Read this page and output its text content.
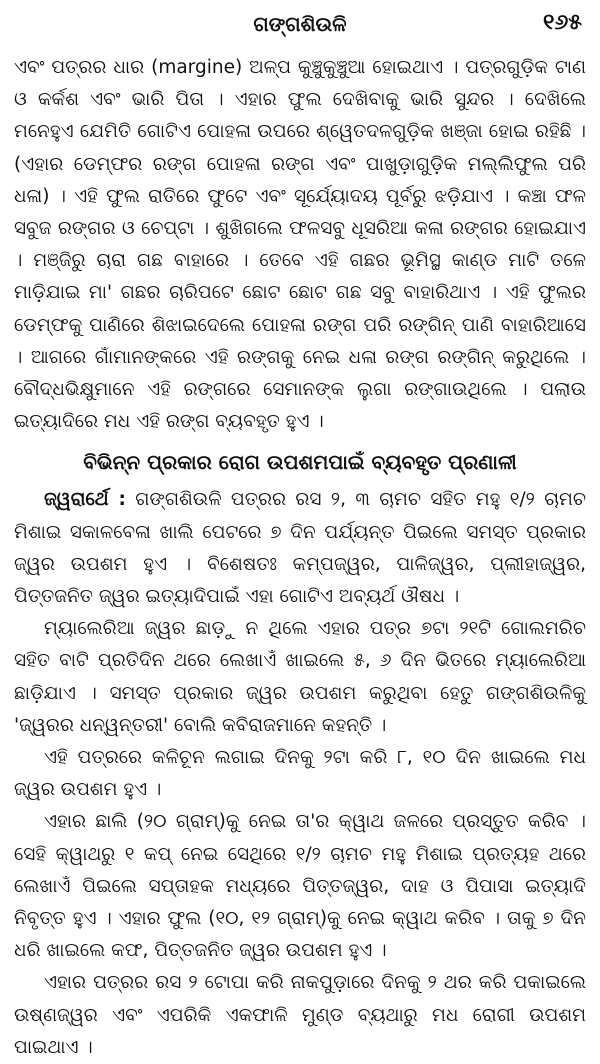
ଗଙ୍ଗଶିଉଳି	୧୬୫

ଏବଂ ପତ୍ରର ଧାର (margine) ଅଳ୍ପ କୁଞ୍ଚୁକୁଞ୍ଚୁଆ ହୋଇଥାଏ । ପତ୍ରଗୁଡ଼ିକ ଟାଣ ଓ କର୍କଶ ଏବଂ ଭାରି ପିତା । ଏହାର ଫୁଲ ଦେଖିବାକୁ ଭାରି ସୁନ୍ଦର । ଦେଖିଲେ ମନେହୁଏ ଯେମିତି ଗୋଟିଏ ପୋହଳା ଉପରେ ଶ୍ୱେତଦଳଗୁଡ଼ିକ ଖଞ୍ଜା ହୋଇ ରହିଛି । (ଏହାର ଡେମ୍ଫର ରଙ୍ଗ ପୋହଳା ରଙ୍ଗ ଏବଂ ପାଖୁଡ଼ାଗୁଡ଼ିକ ମଲ୍ଲିଫୁଲ ପରି ଧଳା) । ଏହି ଫୁଲ ରାତିରେ ଫୁଟେ ଏବଂ ସୂର୍ଯ୍ୟୋଦୟ ପୂର୍ବରୁ ଝଡ଼ିଯାଏ । କଞ୍ଚା ଫଳ ସବୁଜ ରଙ୍ଗର ଓ ଚେପ୍ଟା । ଶୁଖିଗଲେ ଫଳସବୁ ଧୂସରିଆ କଳା ରଙ୍ଗର ହୋଇଯାଏ । ମଞ୍ଜିରୁ ଚାରା ଗଛ ବାହାରେ । ତେବେ ଏହି ଗଛର ଭୂମିସ୍ଥ କାଣ୍ଡ ମାଟି ତଳେ ମାଡ଼ିଯାଇ ମା' ଗଛର ଚାରିପଟେ ଛୋଟ ଛୋଟ ଗଛ ସବୁ ବାହାରିଥାଏ । ଏହି ଫୁଲର ଡେମ୍ଫକୁ ପାଣିରେ ଶିଝାଇଦେଲେ ପୋହଳା ରଙ୍ଗ ପରି ରଙ୍ଗିନ୍ ପାଣି ବାହାରିଆସେ । ଆଗରେ ଗାଁମାନଙ୍କରେ ଏହି ରଙ୍ଗକୁ ନେଇ ଧଳା ରଙ୍ଗ ରଙ୍ଗିନ୍ କରୁଥିଲେ । ବୌଦ୍ଧଭିକ୍ଷୁମାନେ ଏହି ରଙ୍ଗରେ ସେମାନଙ୍କ ଲୁଗା ରଙ୍ଗାଉଥିଲେ । ପଲାଉ ଇତ୍ୟାଦିରେ ମଧ ଏହି ରଙ୍ଗ ବ୍ୟବହୃତ ହୁଏ ।

ବିଭିନ୍ନ ପ୍ରକାର ରୋଗ ଉପଶମପାଇଁ ବ୍ୟବହୃତ ପ୍ରଣାଳୀ

ଜ୍ୱରାର୍ଥେ : ଗଙ୍ଗଶିଉଳି ପତ୍ରର ରସ ୨, ୩ ଚାମଚ ସହିତ ମହୁ ୧/୨ ଚାମଚ ମିଶାଇ ସକାଳବେଳା ଖାଲି ପେଟରେ ୭ ଦିନ ପର୍ଯ୍ୟନ୍ତ ପିଇଲେ ସମସ୍ତ ପ୍ରକାର ଜ୍ୱର ଉପଶମ ହୁଏ । ବିଶେଷତଃ କମ୍ପଜ୍ୱର, ପାଳିଜ୍ୱର, ପ୍ଲୀହାଜ୍ୱର, ପିତ୍ତଜନିତ ଜ୍ୱର ଇତ୍ୟାଦିପାଇଁ ଏହା ଗୋଟିଏ ଅବ୍ୟର୍ଥ ଔଷଧ ।

ମ୍ୟାଲେରିଆ ଜ୍ୱର ଛାଡ଼ୁ ନ ଥିଲେ ଏହାର ପତ୍ର ୭ଟା ୨୧ଟି ଗୋଲମରିଚ ସହିତ ବାଟି ପ୍ରତିଦିନ ଥରେ ଲେଖାଏଁ ଖାଇଲେ ୫, ୬ ଦିନ ଭିତରେ ମ୍ୟାଲେରିଆ ଛାଡ଼ିଯାଏ । ସମସ୍ତ ପ୍ରକାର ଜ୍ୱର ଉପଶମ କରୁଥିବା ହେତୁ ଗଙ୍ଗଶିଉଳିକୁ 'ଜ୍ୱରର ଧନ୍ୱନ୍ତରୀ' ବୋଲି କବିରାଜମାନେ କହନ୍ତି ।

ଏହି ପତ୍ରରେ କଳିଚୂନ ଲଗାଇ ଦିନକୁ ୨ଟା କରି ୮, ୧୦ ଦିନ ଖାଇଲେ ମଧ ଜ୍ୱର ଉପଶମ ହୁଏ ।

ଏହାର ଛାଲି (୨୦ ଗ୍ରାମ୍)କୁ ନେଇ ତା'ର କ୍ୱାଥ ଜଳରେ ପ୍ରସ୍ତୁତ କରିବ । ସେହି କ୍ୱାଥରୁ ୧ କପ୍ ନେଇ ସେଥିରେ ୧/୨ ଚାମଚ ମହୁ ମିଶାଇ ପ୍ରତ୍ୟହ ଥରେ ଲେଖାଏଁ ପିଇଲେ ସପ୍ତାହକ ମଧ୍ୟରେ ପିତ୍ତଜ୍ୱର, ଦାହ ଓ ପିପାସା ଇତ୍ୟାଦି ନିବୃତ୍ତ ହୁଏ । ଏହାର ଫୁଲ (୧୦, ୧୨ ଗ୍ରାମ୍)କୁ ନେଇ କ୍ୱାଥ କରିବ । ତାକୁ ୭ ଦିନ ଧରି ଖାଇଲେ କଫ, ପିତ୍ତଜନିତ ଜ୍ୱର ଉପଶମ ହୁଏ ।

ଏହାର ପତ୍ରର ରସ ୨ ଟୋପା କରି ନାକପୁଡ଼ାରେ ଦିନକୁ ୨ ଥର କରି ପକାଇଲେ ଉଷ୍ଣଜ୍ୱର ଏବଂ ଏପରିକି ଏକଫାଳି ମୁଣ୍ଡ ବ୍ୟଥାରୁ ମଧ ରୋଗୀ ଉପଶମ ପାଇଥାଏ ।
